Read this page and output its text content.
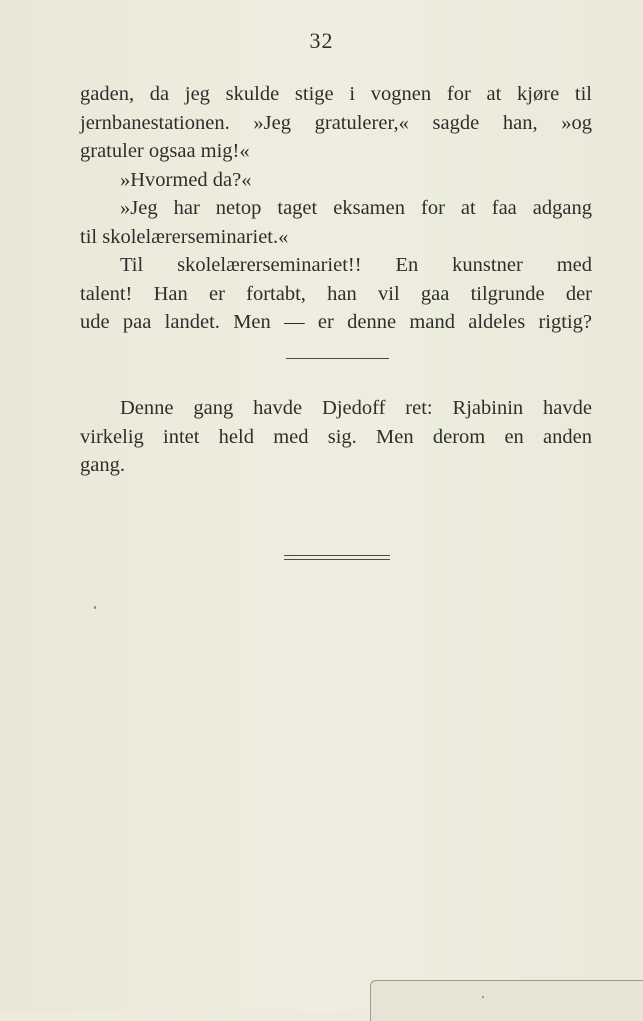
32
gaden, da jeg skulde stige i vognen for at kjøre til
jernbanestationen. »Jeg gratulerer,« sagde han, »og
gratuler ogsaa mig!«
»Hvormed da?«
»Jeg har netop taget eksamen for at faa adgang
til skolelærerseminariet.«
Til skolelærerseminariet!! En kunstner med
talent! Han er fortabt, han vil gaa tilgrunde der
ude paa landet. Men — er denne mand aldeles rigtig?
Denne gang havde Djedoff ret: Rjabinin havde
virkelig intet held med sig. Men derom en anden
gang.
